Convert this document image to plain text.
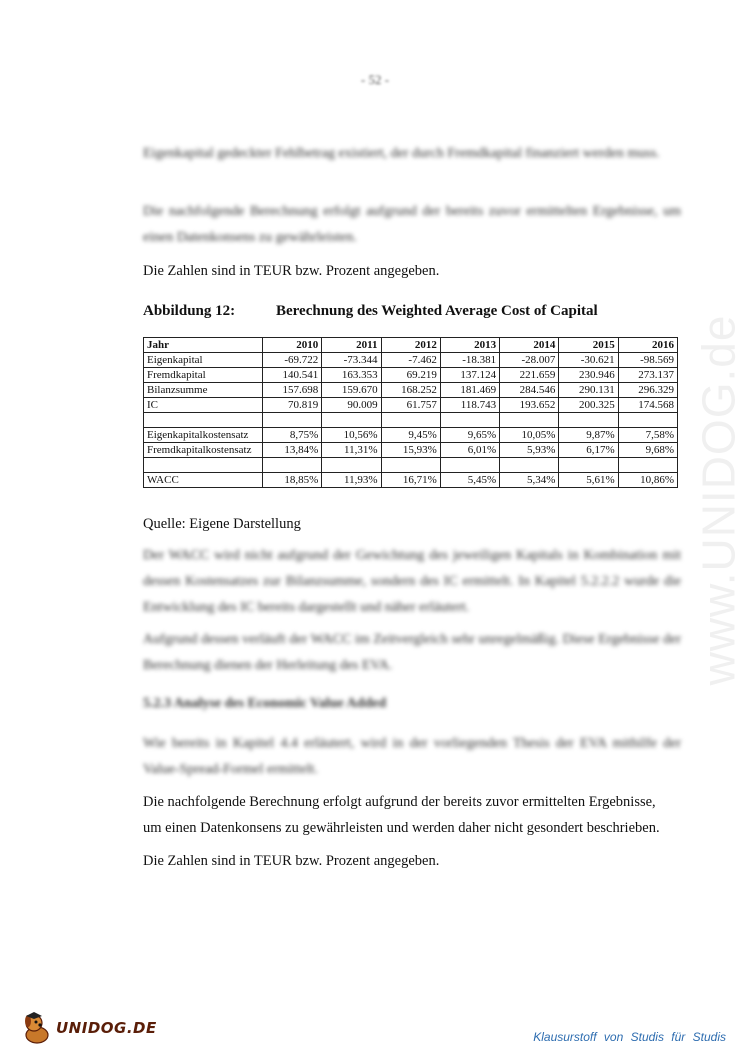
- 52 -
Eigenkapital gedeckter Fehlbetrag existiert, der durch Fremdkapital finanziert werden muss.
Die nachfolgende Berechnung erfolgt aufgrund der bereits zuvor ermittelten Ergebnisse, um einen Datenkonsens zu gewährleisten.
Die Zahlen sind in TEUR bzw. Prozent angegeben.
Abbildung 12:	Berechnung des Weighted Average Cost of Capital
Jahr	2010	2011	2012	2013	2014	2015	2016
Eigenkapital	-69.722	-73.344	-7.462	-18.381	-28.007	-30.621	-98.569
Fremdkapital	140.541	163.353	69.219	137.124	221.659	230.946	273.137
Bilanzsumme	157.698	159.670	168.252	181.469	284.546	290.131	296.329
IC	70.819	90.009	61.757	118.743	193.652	200.325	174.568

Eigenkapitalkostensatz	8,75%	10,56%	9,45%	9,65%	10,05%	9,87%	7,58%
Fremdkapitalkostensatz	13,84%	11,31%	15,93%	6,01%	5,93%	6,17%	9,68%

WACC	18,85%	11,93%	16,71%	5,45%	5,34%	5,61%	10,86%
Quelle: Eigene Darstellung
Der WACC wird nicht aufgrund der Gewichtung des jeweiligen Kapitals in Kombination mit dessen Kostensatzes zur Bilanzsumme, sondern des IC ermittelt. In Kapitel 5.2.2.2 wurde die Entwicklung des IC bereits dargestellt und näher erläutert.
Aufgrund dessen verläuft der WACC im Zeitvergleich sehr unregelmäßig. Diese Ergebnisse der Berechnung dienen der Herleitung des EVA.
5.2.3 Analyse des Economic Value Added
Wie bereits in Kapitel 4.4 erläutert, wird in der vorliegenden Thesis der EVA mithilfe der Value-Spread-Formel ermittelt.
Die nachfolgende Berechnung erfolgt aufgrund der bereits zuvor ermittelten Ergebnisse,
um einen Datenkonsens zu gewährleisten und werden daher nicht gesondert beschrieben.
Die Zahlen sind in TEUR bzw. Prozent angegeben.
www.UNIDOG.de
UNIDOG.DE	Klausurstoff von Studis für Studis
